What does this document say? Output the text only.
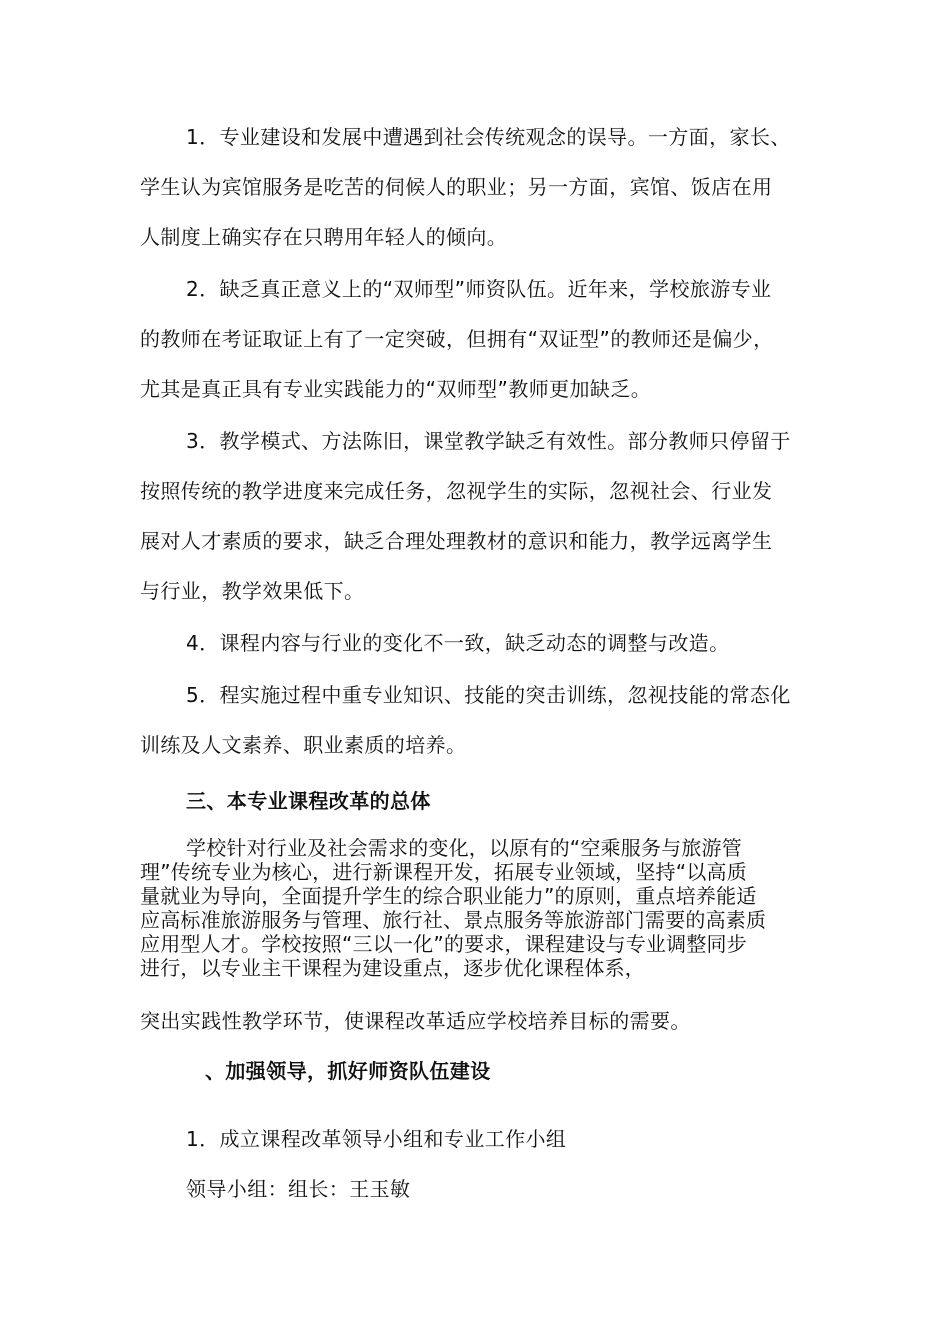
1．专业建设和发展中遭遇到社会传统观念的误导。一方面，家长、
学生认为宾馆服务是吃苦的伺候人的职业；另一方面，宾馆、饭店在用
人制度上确实存在只聘用年轻人的倾向。
2．缺乏真正意义上的“双师型”师资队伍。近年来，学校旅游专业
的教师在考证取证上有了一定突破，但拥有“双证型”的教师还是偏少，
尤其是真正具有专业实践能力的“双师型”教师更加缺乏。
3．教学模式、方法陈旧，课堂教学缺乏有效性。部分教师只停留于
按照传统的教学进度来完成任务，忽视学生的实际，忽视社会、行业发
展对人才素质的要求，缺乏合理处理教材的意识和能力，教学远离学生
与行业，教学效果低下。
4．课程内容与行业的变化不一致，缺乏动态的调整与改造。
5．程实施过程中重专业知识、技能的突击训练，忽视技能的常态化
训练及人文素养、职业素质的培养。
三、本专业课程改革的总体
学校针对行业及社会需求的变化，以原有的“空乘服务与旅游管
理”传统专业为核心，进行新课程开发，拓展专业领域，坚持“以高质
量就业为导向，全面提升学生的综合职业能力”的原则，重点培养能适
应高标准旅游服务与管理、旅行社、景点服务等旅游部门需要的高素质
应用型人才。学校按照“三以一化”的要求，课程建设与专业调整同步
进行，以专业主干课程为建设重点，逐步优化课程体系，
突出实践性教学环节，使课程改革适应学校培养目标的需要。
、加强领导，抓好师资队伍建设
1．成立课程改革领导小组和专业工作小组
领导小组：组长：王玉敏
